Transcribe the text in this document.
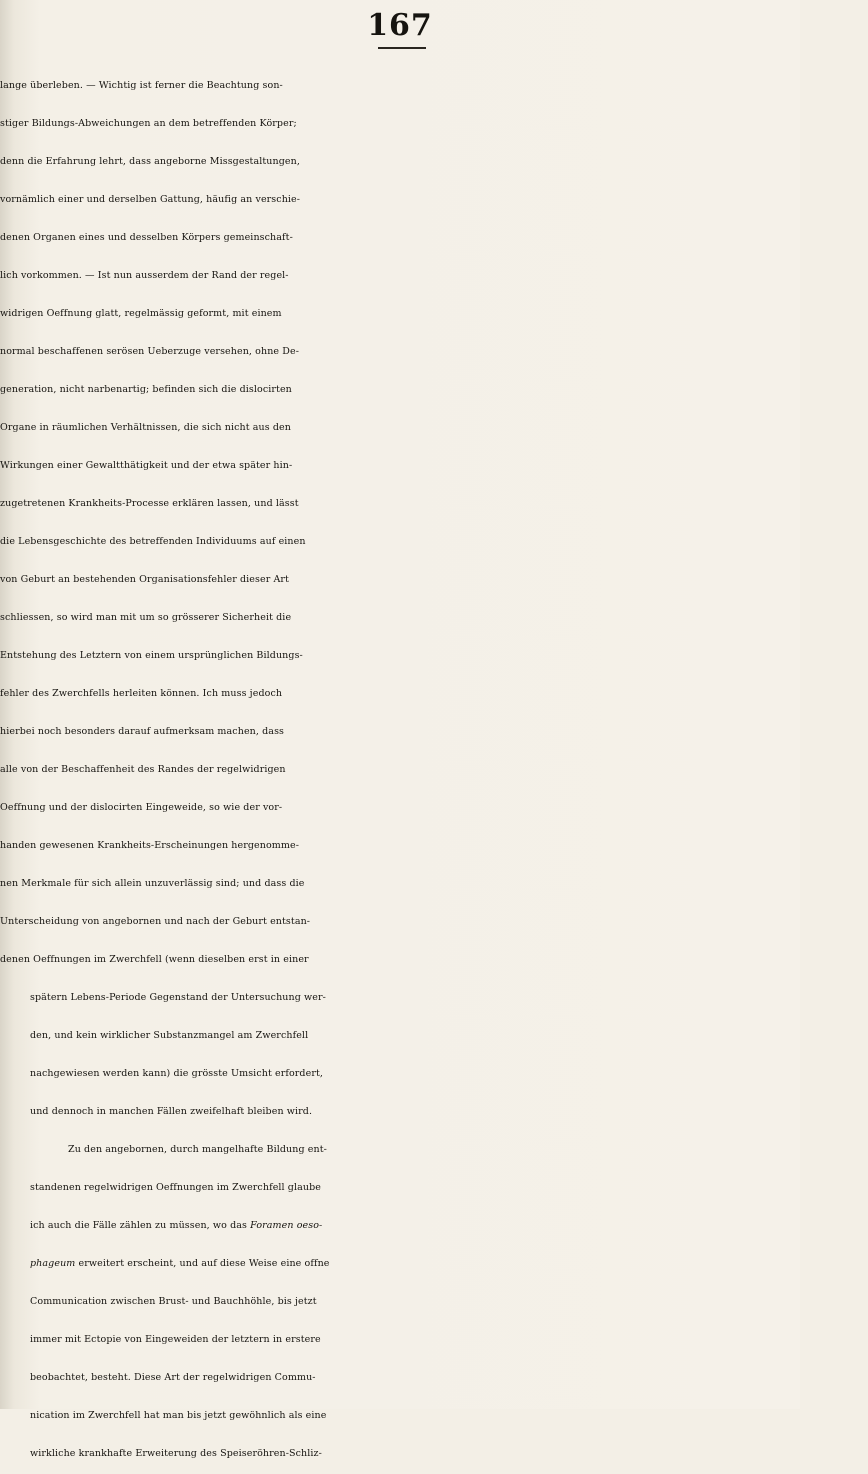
167
lange überleben. — Wichtig ist ferner die Beachtung son-
stiger Bildungs-Abweichungen an dem betreffenden Körper;
denn die Erfahrung lehrt, dass angeborne Missgestaltungen,
vornämlich einer und derselben Gattung, häufig an verschie-
denen Organen eines und desselben Körpers gemeinschaft-
lich vorkommen. — Ist nun ausserdem der Rand der regel-
widrigen Oeffnung glatt, regelmässig geformt, mit einem
normal beschaffenen serösen Ueberzuge versehen, ohne De-
generation, nicht narbenartig; befinden sich die dislocirten
Organe in räumlichen Verhältnissen, die sich nicht aus den
Wirkungen einer Gewaltthätigkeit und der etwa später hin-
zugetretenen Krankheits-Processe erklären lassen, und lässt
die Lebensgeschichte des betreffenden Individuums auf einen
von Geburt an bestehenden Organisationsfehler dieser Art
schliessen, so wird man mit um so grösserer Sicherheit die
Entstehung des Letztern von einem ursprünglichen Bildungs-
fehler des Zwerchfells herleiten können. Ich muss jedoch
hierbei noch besonders darauf aufmerksam machen, dass
alle von der Beschaffenheit des Randes der regelwidrigen
Oeffnung und der dislocirten Eingeweide, so wie der vor-
handen gewesenen Krankheits-Erscheinungen hergenomme-
nen Merkmale für sich allein unzuverlässig sind; und dass die
Unterscheidung von angebornen und nach der Geburt entstan-
denen Oeffnungen im Zwerchfell (wenn dieselben erst in einer
spätern Lebens-Periode Gegenstand der Untersuchung wer-
den, und kein wirklicher Substanzmangel am Zwerchfell
nachgewiesen werden kann) die grösste Umsicht erfordert,
und dennoch in manchen Fällen zweifelhaft bleiben wird.
Zu den angebornen, durch mangelhafte Bildung ent-
standenen regelwidrigen Oeffnungen im Zwerchfell glaube
ich auch die Fälle zählen zu müssen, wo das Foramen oeso-
phageum erweitert erscheint, und auf diese Weise eine offne
Communication zwischen Brust- und Bauchhöhle, bis jetzt
immer mit Ectopie von Eingeweiden der letztern in erstere
beobachtet, besteht. Diese Art der regelwidrigen Commu-
nication im Zwerchfell hat man bis jetzt gewöhnlich als eine
wirkliche krankhafte Erweiterung des Speiseröhren-Schliz-
